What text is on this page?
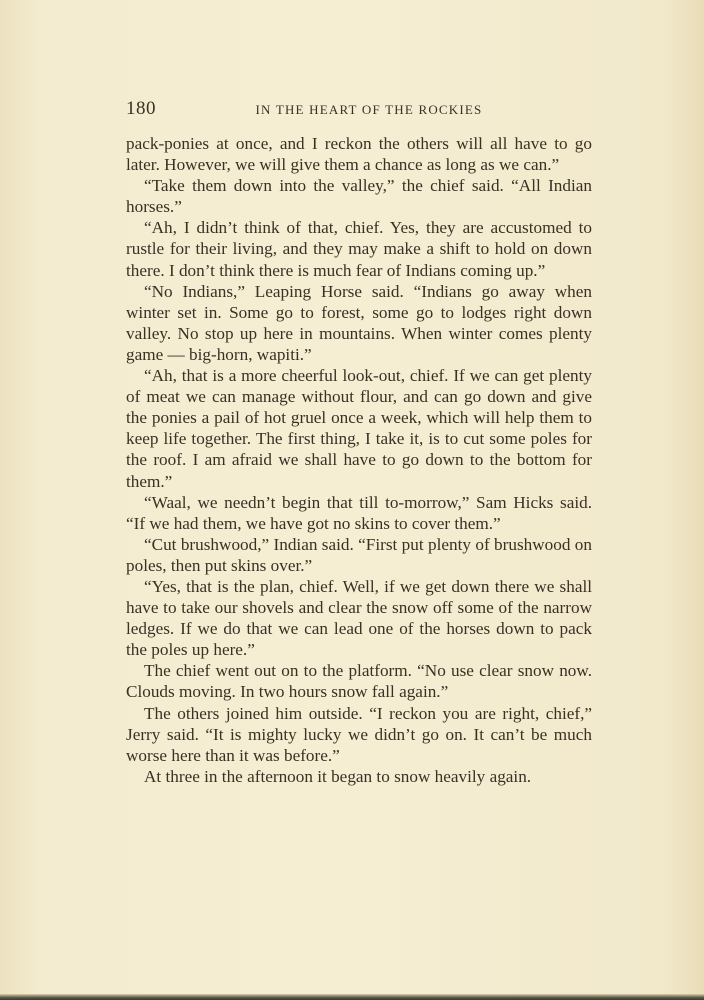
180	IN THE HEART OF THE ROCKIES

pack-ponies at once, and I reckon the others will all have to go later. However, we will give them a chance as long as we can.”

“Take them down into the valley,” the chief said. “All Indian horses.”

“Ah, I didn’t think of that, chief. Yes, they are accustomed to rustle for their living, and they may make a shift to hold on down there. I don’t think there is much fear of Indians coming up.”

“No Indians,” Leaping Horse said. “Indians go away when winter set in. Some go to forest, some go to lodges right down valley. No stop up here in mountains. When winter comes plenty game — big-horn, wapiti.”

“Ah, that is a more cheerful look-out, chief. If we can get plenty of meat we can manage without flour, and can go down and give the ponies a pail of hot gruel once a week, which will help them to keep life together. The first thing, I take it, is to cut some poles for the roof. I am afraid we shall have to go down to the bottom for them.”

“Waal, we needn’t begin that till to-morrow,” Sam Hicks said. “If we had them, we have got no skins to cover them.”

“Cut brushwood,” Indian said. “First put plenty of brushwood on poles, then put skins over.”

“Yes, that is the plan, chief. Well, if we get down there we shall have to take our shovels and clear the snow off some of the narrow ledges. If we do that we can lead one of the horses down to pack the poles up here.”

The chief went out on to the platform. “No use clear snow now. Clouds moving. In two hours snow fall again.”

The others joined him outside. “I reckon you are right, chief,” Jerry said. “It is mighty lucky we didn’t go on. It can’t be much worse here than it was before.”

At three in the afternoon it began to snow heavily again.
